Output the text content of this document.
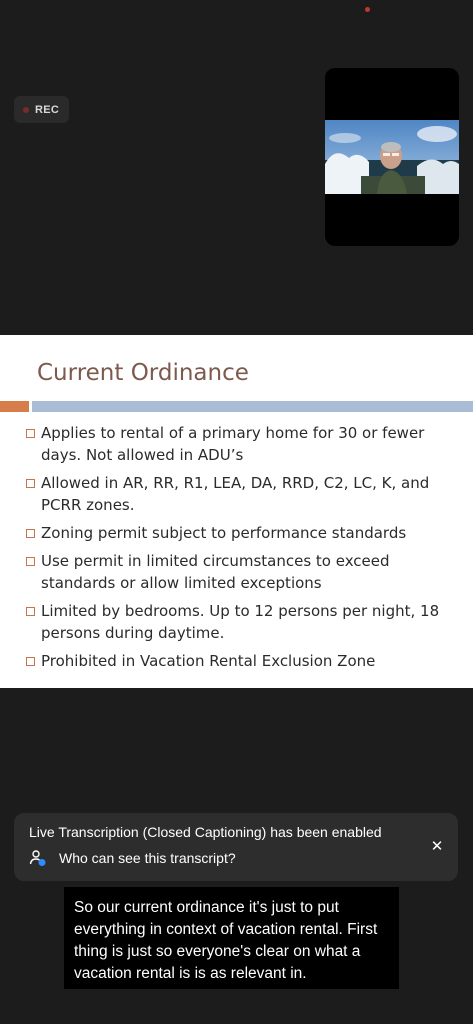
REC
Current Ordinance
Applies to rental of a primary home for 30 or fewer days. Not allowed in ADU’s
Allowed in AR, RR, R1, LEA, DA, RRD, C2, LC, K, and PCRR zones.
Zoning permit subject to performance standards
Use permit in limited circumstances to exceed standards or allow limited exceptions
Limited by bedrooms. Up to 12 persons per night, 18 persons during daytime.
Prohibited in Vacation Rental Exclusion Zone
Live Transcription (Closed Captioning) has been enabled
Who can see this transcript?
✕
So our current ordinance it's just to put everything in context of vacation rental. First thing is just so everyone's clear on what a vacation rental is is as relevant in.
